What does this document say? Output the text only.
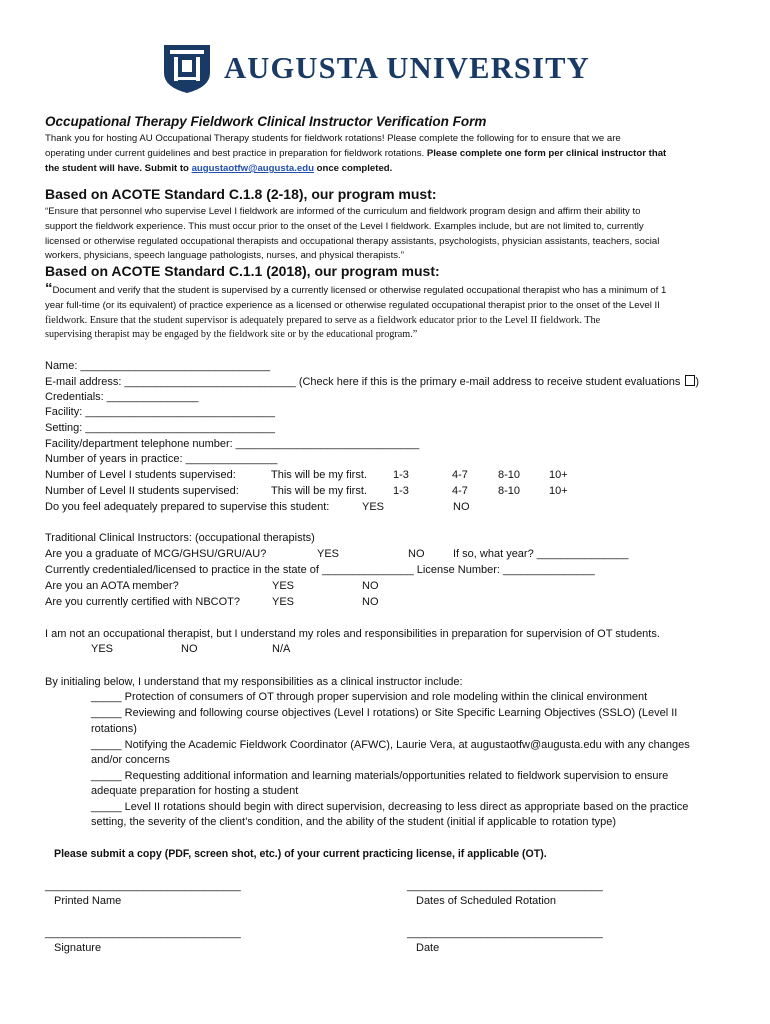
AUGUSTA UNIVERSITY
Occupational Therapy Fieldwork Clinical Instructor Verification Form
Thank you for hosting AU Occupational Therapy students for fieldwork rotations! Please complete the following for to ensure that we are
operating under current guidelines and best practice in preparation for fieldwork rotations. Please complete one form per clinical instructor that
the student will have. Submit to augustaotfw@augusta.edu once completed.
Based on ACOTE Standard C.1.8 (2-18), our program must:
“Ensure that personnel who supervise Level I fieldwork are informed of the curriculum and fieldwork program design and affirm their ability to
support the fieldwork experience. This must occur prior to the onset of the Level I fieldwork. Examples include, but are not limited to, currently
licensed or otherwise regulated occupational therapists and occupational therapy assistants, psychologists, physician assistants, teachers, social
workers, physicians, speech language pathologists, nurses, and physical therapists.”
Based on ACOTE Standard C.1.1 (2018), our program must:
“Document and verify that the student is supervised by a currently licensed or otherwise regulated occupational therapist who has a minimum of 1
year full-time (or its equivalent) of practice experience as a licensed or otherwise regulated occupational therapist prior to the onset of the Level II
fieldwork. Ensure that the student supervisor is adequately prepared to serve as a fieldwork educator prior to the Level II fieldwork. The
supervising therapist may be engaged by the fieldwork site or by the educational program.”
Name: _______________________________
E-mail address: ____________________________ (Check here if this is the primary e-mail address to receive student evaluations )
Credentials: _______________
Facility: _______________________________
Setting: _______________________________
Facility/department telephone number: ______________________________
Number of years in practice: _______________
Number of Level I students supervised:	This will be my first. 1-3	4-7	8-10	10+
Number of Level II students supervised:	This will be my first. 1-3	4-7	8-10	10+
Do you feel adequately prepared to supervise this student:	YES	NO
Traditional Clinical Instructors: (occupational therapists)
Are you a graduate of MCG/GHSU/GRU/AU?	YES	NO	If so, what year? _______________
Currently credentialed/licensed to practice in the state of _______________ License Number: _______________
Are you an AOTA member?	YES	NO
Are you currently certified with NBCOT?	YES	NO
I am not an occupational therapist, but I understand my roles and responsibilities in preparation for supervision of OT students.
YES	NO	N/A
By initialing below, I understand that my responsibilities as a clinical instructor include:
_____ Protection of consumers of OT through proper supervision and role modeling within the clinical environment
_____ Reviewing and following course objectives (Level I rotations) or Site Specific Learning Objectives (SSLO) (Level II
rotations)
_____ Notifying the Academic Fieldwork Coordinator (AFWC), Laurie Vera, at augustaotfw@augusta.edu with any changes
and/or concerns
_____ Requesting additional information and learning materials/opportunities related to fieldwork supervision to ensure
adequate preparation for hosting a student
_____ Level II rotations should begin with direct supervision, decreasing to less direct as appropriate based on the practice
setting, the severity of the client’s condition, and the ability of the student (initial if applicable to rotation type)
Please submit a copy (PDF, screen shot, etc.) of your current practicing license, if applicable (OT).
________________________________
Printed Name
________________________________
Dates of Scheduled Rotation
________________________________
Signature
________________________________
Date
